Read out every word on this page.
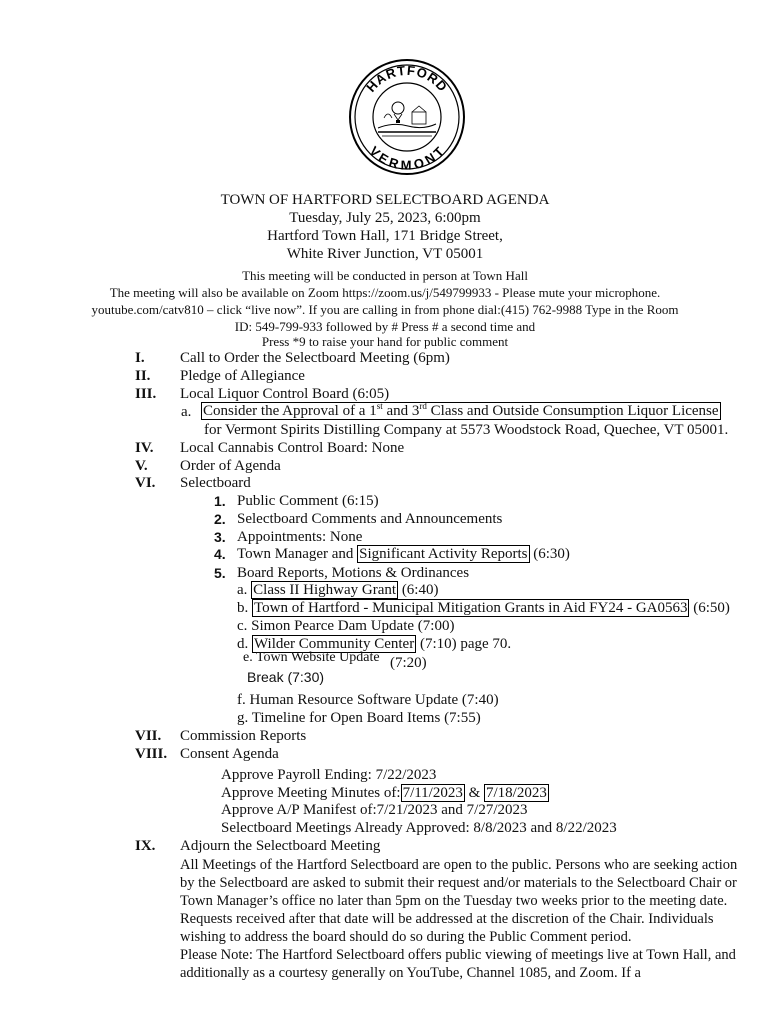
HARTFORD
VERMONT
TOWN OF HARTFORD SELECTBOARD AGENDA
Tuesday, July 25, 2023, 6:00pm
Hartford Town Hall, 171 Bridge Street,
White River Junction, VT 05001
This meeting will be conducted in person at Town Hall
The meeting will also be available on Zoom https://zoom.us/j/549799933 - Please mute your microphone.
youtube.com/catv810 – click “live now”. If you are calling in from phone dial:(415) 762-9988 Type in the Room
ID: 549-799-933 followed by # Press # a second time and
Press *9 to raise your hand for public comment
I. Call to Order the Selectboard Meeting (6pm)
II. Pledge of Allegiance
III. Local Liquor Control Board (6:05)
a. Consider the Approval of a 1st and 3rd Class and Outside Consumption Liquor License
for Vermont Spirits Distilling Company at 5573 Woodstock Road, Quechee, VT 05001.
IV. Local Cannabis Control Board: None
V. Order of Agenda
VI. Selectboard
1. Public Comment (6:15)
2. Selectboard Comments and Announcements
3. Appointments: None
4. Town Manager and Significant Activity Reports (6:30)
5. Board Reports, Motions & Ordinances
a. Class II Highway Grant (6:40)
b. Town of Hartford - Municipal Mitigation Grants in Aid FY24 - GA0563 (6:50)
c. Simon Pearce Dam Update (7:00)
d. Wilder Community Center (7:10) page 70.
e. Town Website Update (7:20)
Break (7:30)
f. Human Resource Software Update (7:40)
g. Timeline for Open Board Items (7:55)
VII. Commission Reports
VIII. Consent Agenda
Approve Payroll Ending: 7/22/2023
Approve Meeting Minutes of: 7/11/2023 & 7/18/2023
Approve A/P Manifest of:7/21/2023 and 7/27/2023
Selectboard Meetings Already Approved: 8/8/2023 and 8/22/2023
IX. Adjourn the Selectboard Meeting

All Meetings of the Hartford Selectboard are open to the public. Persons who are seeking action by the Selectboard are asked to submit their request and/or materials to the Selectboard Chair or Town Manager’s office no later than 5pm on the Tuesday two weeks prior to the meeting date. Requests received after that date will be addressed at the discretion of the Chair. Individuals wishing to address the board should do so during the Public Comment period.

Please Note: The Hartford Selectboard offers public viewing of meetings live at Town Hall, and additionally as a courtesy generally on YouTube, Channel 1085, and Zoom. If a
